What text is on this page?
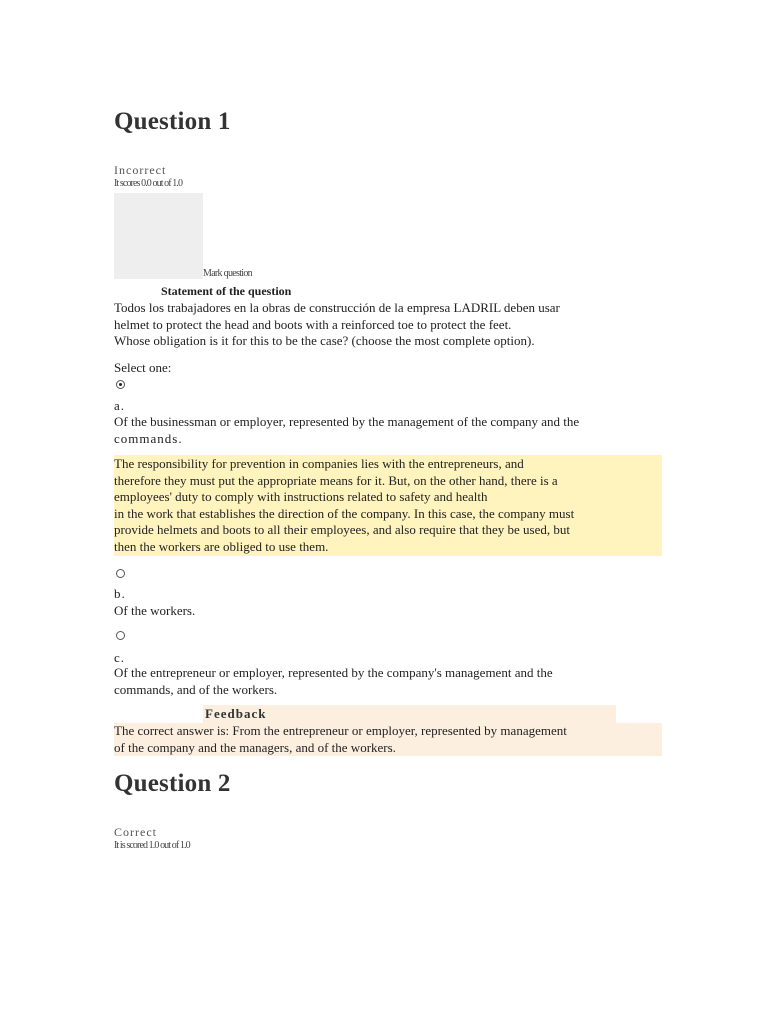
Question 1
Incorrect
It scores 0.0 out of 1.0
Mark question
Statement of the question
Todos los trabajadores en la obras de construcción de la empresa LADRIL deben usar
helmet to protect the head and boots with a reinforced toe to protect the feet.
Whose obligation is it for this to be the case? (choose the most complete option).
Select one:
a.
Of the businessman or employer, represented by the management of the company and the
commands.
The responsibility for prevention in companies lies with the entrepreneurs, and
therefore they must put the appropriate means for it. But, on the other hand, there is a
employees' duty to comply with instructions related to safety and health
in the work that establishes the direction of the company. In this case, the company must
provide helmets and boots to all their employees, and also require that they be used, but
then the workers are obliged to use them.
b.
Of the workers.
c.
Of the entrepreneur or employer, represented by the company's management and the
commands, and of the workers.
Feedback
The correct answer is: From the entrepreneur or employer, represented by management
of the company and the managers, and of the workers.
Question 2
Correct
It is scored 1.0 out of 1.0
